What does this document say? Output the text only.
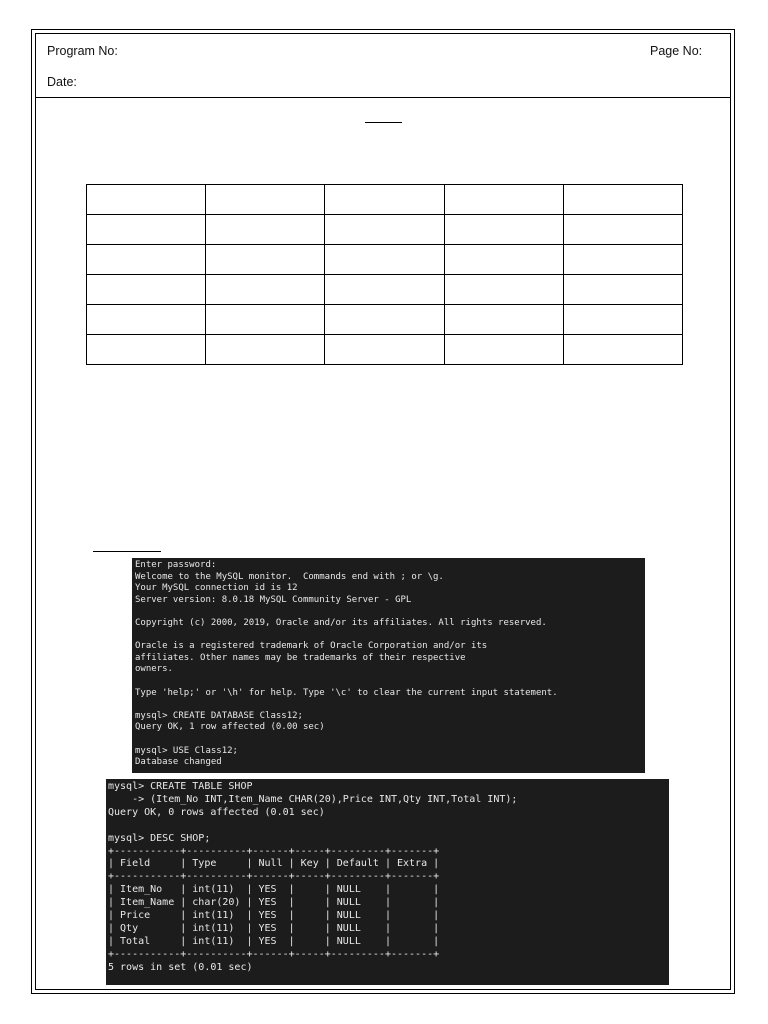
Program No:	Page No:
Date:

Enter password:
Welcome to the MySQL monitor.  Commands end with ; or \g.
Your MySQL connection id is 12
Server version: 8.0.18 MySQL Community Server - GPL
Copyright (c) 2000, 2019, Oracle and/or its affiliates. All rights reserved.
Oracle is a registered trademark of Oracle Corporation and/or its
affiliates. Other names may be trademarks of their respective
owners.
Type 'help;' or '\h' for help. Type '\c' to clear the current input statement.
mysql> CREATE DATABASE Class12;
Query OK, 1 row affected (0.00 sec)
mysql> USE Class12;
Database changed
mysql> CREATE TABLE SHOP
-> (Item_No INT,Item_Name CHAR(20),Price INT,Qty INT,Total INT);
Query OK, 0 rows affected (0.01 sec)
mysql> DESC SHOP;
+-----------+----------+------+-----+---------+-------+
| Field     | Type     | Null | Key | Default | Extra |
+-----------+----------+------+-----+---------+-------+
| Item_No   | int(11)  | YES  |     | NULL    |       |
| Item_Name | char(20) | YES  |     | NULL    |       |
| Price     | int(11)  | YES  |     | NULL    |       |
| Qty       | int(11)  | YES  |     | NULL    |       |
| Total     | int(11)  | YES  |     | NULL    |       |
+-----------+----------+------+-----+---------+-------+
5 rows in set (0.01 sec)
